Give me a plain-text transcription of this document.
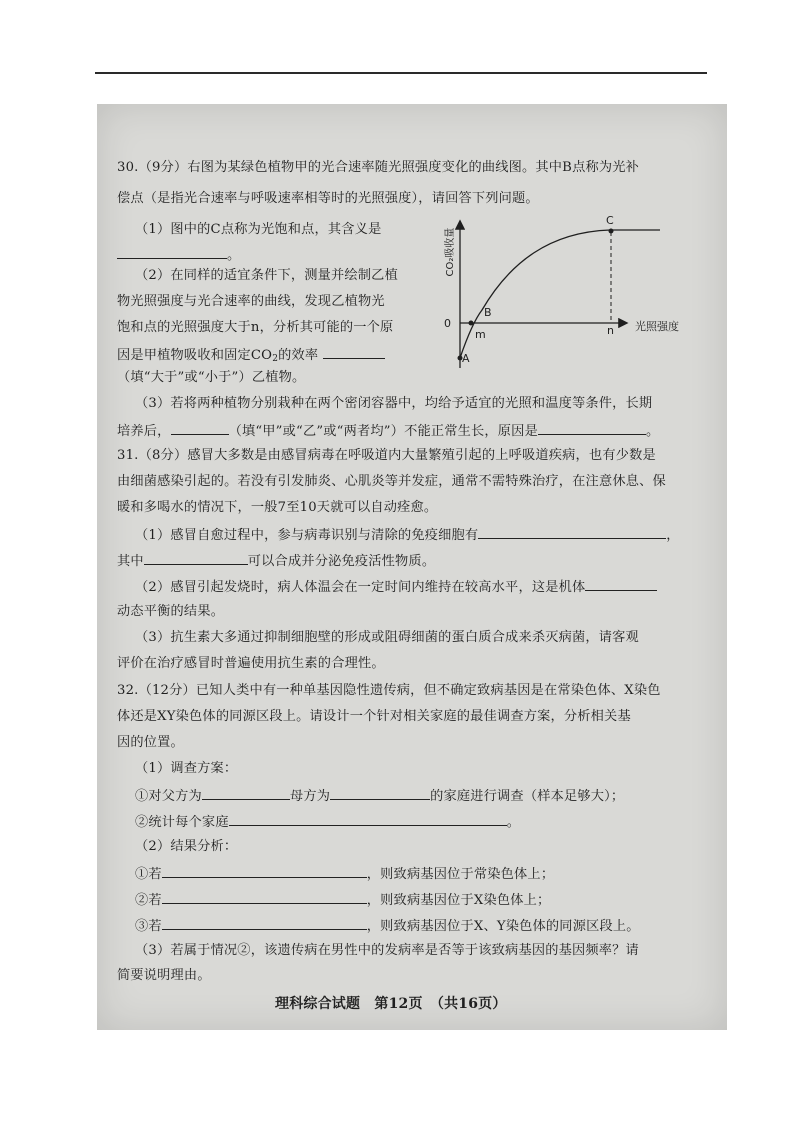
30.（9分）右图为某绿色植物甲的光合速率随光照强度变化的曲线图。其中B点称为光补
偿点（是指光合速率与呼吸速率相等时的光照强度），请回答下列问题。
（1）图中的C点称为光饱和点，其含义是
。
（2）在同样的适宜条件下，测量并绘制乙植
物光照强度与光合速率的曲线，发现乙植物光
饱和点的光照强度大于n，分析其可能的一个原
因是甲植物吸收和固定$CO_2$的效率
（填“大于”或“小于”）乙植物。
（3）若将两种植物分别栽种在两个密闭容器中，均给予适宜的光照和温度等条件，长期
培养后，	（填“甲”或“乙”或“两者均”）不能正常生长，原因是	。
CO₂吸收量
光照强度
0
A
B
C
m	n
31.（8分）感冒大多数是由感冒病毒在呼吸道内大量繁殖引起的上呼吸道疾病，也有少数是
由细菌感染引起的。若没有引发肺炎、心肌炎等并发症，通常不需特殊治疗，在注意休息、保
暖和多喝水的情况下，一般7至10天就可以自动痊愈。
（1）感冒自愈过程中，参与病毒识别与清除的免疫细胞有	，
其中	可以合成并分泌免疫活性物质。
（2）感冒引起发烧时，病人体温会在一定时间内维持在较高水平，这是机体
动态平衡的结果。
（3）抗生素大多通过抑制细胞壁的形成或阻碍细菌的蛋白质合成来杀灭病菌，请客观
评价在治疗感冒时普遍使用抗生素的合理性。
32.（12分）已知人类中有一种单基因隐性遗传病，但不确定致病基因是在常染色体、X染色
体还是XY染色体的同源区段上。请设计一个针对相关家庭的最佳调查方案，分析相关基
因的位置。
（1）调查方案：
①对父方为	母方为	的家庭进行调查（样本足够大）；
②统计每个家庭	。
（2）结果分析：
①若	，则致病基因位于常染色体上；
②若	，则致病基因位于X染色体上；
③若	，则致病基因位于X、Y染色体的同源区段上。
（3）若属于情况②，该遗传病在男性中的发病率是否等于该致病基因的基因频率？请
简要说明理由。
理科综合试题　第12页　（共16页）
